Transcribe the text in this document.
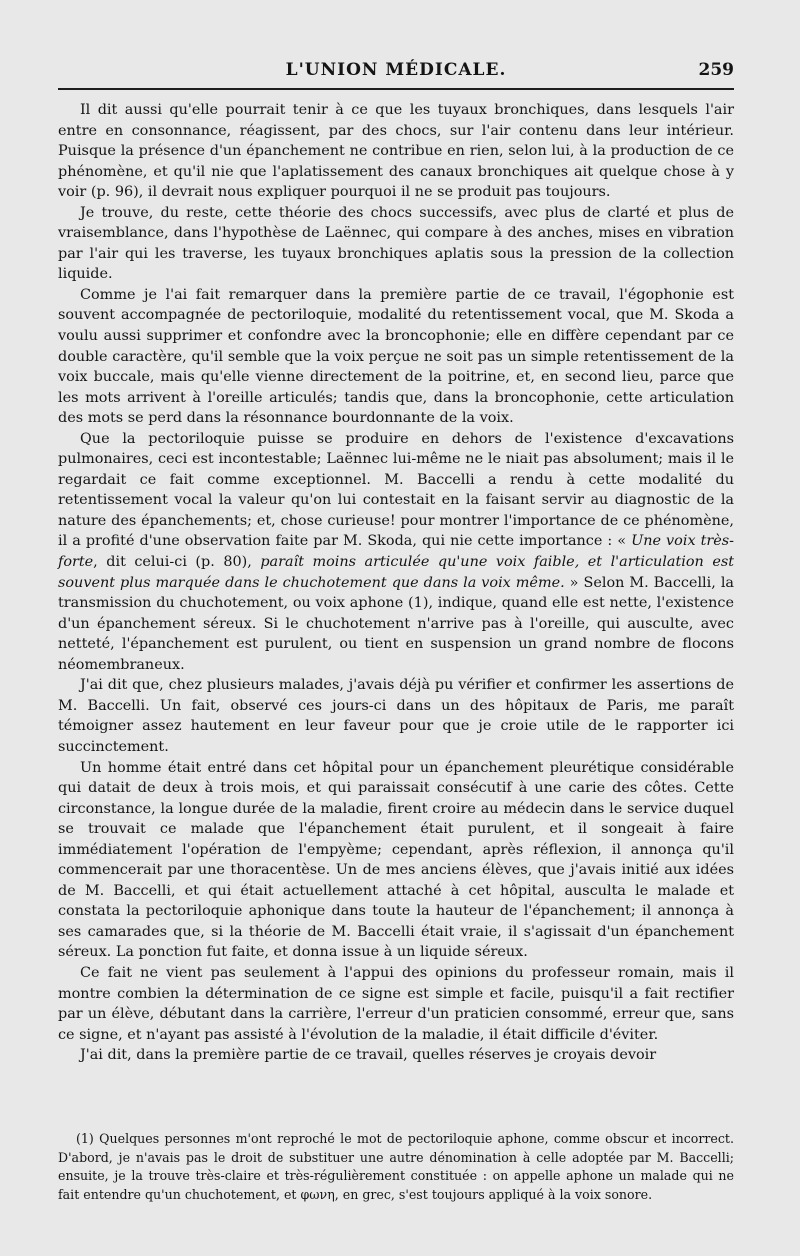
L'UNION MÉDICALE.	259

Il dit aussi qu'elle pourrait tenir à ce que les tuyaux bronchiques, dans lesquels l'air entre en consonnance, réagissent, par des chocs, sur l'air contenu dans leur intérieur. Puisque la présence d'un épanchement ne contribue en rien, selon lui, à la production de ce phénomène, et qu'il nie que l'aplatissement des canaux bronchiques ait quelque chose à y voir (p. 96), il devrait nous expliquer pourquoi il ne se produit pas toujours.

Je trouve, du reste, cette théorie des chocs successifs, avec plus de clarté et plus de vraisemblance, dans l'hypothèse de Laënnec, qui compare à des anches, mises en vibration par l'air qui les traverse, les tuyaux bronchiques aplatis sous la pression de la collection liquide.

Comme je l'ai fait remarquer dans la première partie de ce travail, l'égophonie est souvent accompagnée de pectoriloquie, modalité du retentissement vocal, que M. Skoda a voulu aussi supprimer et confondre avec la broncophonie; elle en diffère cependant par ce double caractère, qu'il semble que la voix perçue ne soit pas un simple retentissement de la voix buccale, mais qu'elle vienne directement de la poitrine, et, en second lieu, parce que les mots arrivent à l'oreille articulés; tandis que, dans la broncophonie, cette articulation des mots se perd dans la résonnance bourdonnante de la voix.

Que la pectoriloquie puisse se produire en dehors de l'existence d'excavations pulmonaires, ceci est incontestable; Laënnec lui-même ne le niait pas absolument; mais il le regardait ce fait comme exceptionnel. M. Baccelli a rendu à cette modalité du retentissement vocal la valeur qu'on lui contestait en la faisant servir au diagnostic de la nature des épanchements; et, chose curieuse! pour montrer l'importance de ce phénomène, il a profité d'une observation faite par M. Skoda, qui nie cette importance : « Une voix très-forte, dit celui-ci (p. 80), paraît moins articulée qu'une voix faible, et l'articulation est souvent plus marquée dans le chuchotement que dans la voix même. » Selon M. Baccelli, la transmission du chuchotement, ou voix aphone (1), indique, quand elle est nette, l'existence d'un épanchement séreux. Si le chuchotement n'arrive pas à l'oreille, qui ausculte, avec netteté, l'épanchement est purulent, ou tient en suspension un grand nombre de flocons néomembraneux.

J'ai dit que, chez plusieurs malades, j'avais déjà pu vérifier et confirmer les assertions de M. Baccelli. Un fait, observé ces jours-ci dans un des hôpitaux de Paris, me paraît témoigner assez hautement en leur faveur pour que je croie utile de le rapporter ici succinctement.

Un homme était entré dans cet hôpital pour un épanchement pleurétique considérable qui datait de deux à trois mois, et qui paraissait consécutif à une carie des côtes. Cette circonstance, la longue durée de la maladie, firent croire au médecin dans le service duquel se trouvait ce malade que l'épanchement était purulent, et il songeait à faire immédiatement l'opération de l'empyème; cependant, après réflexion, il annonça qu'il commencerait par une thoracentèse. Un de mes anciens élèves, que j'avais initié aux idées de M. Baccelli, et qui était actuellement attaché à cet hôpital, ausculta le malade et constata la pectoriloquie aphonique dans toute la hauteur de l'épanchement; il annonça à ses camarades que, si la théorie de M. Baccelli était vraie, il s'agissait d'un épanchement séreux. La ponction fut faite, et donna issue à un liquide séreux.

Ce fait ne vient pas seulement à l'appui des opinions du professeur romain, mais il montre combien la détermination de ce signe est simple et facile, puisqu'il a fait rectifier par un élève, débutant dans la carrière, l'erreur d'un praticien consommé, erreur que, sans ce signe, et n'ayant pas assisté à l'évolution de la maladie, il était difficile d'éviter.

J'ai dit, dans la première partie de ce travail, quelles réserves je croyais devoir

(1) Quelques personnes m'ont reproché le mot de pectoriloquie aphone, comme obscur et incorrect. D'abord, je n'avais pas le droit de substituer une autre dénomination à celle adoptée par M. Baccelli; ensuite, je la trouve très-claire et très-régulièrement constituée : on appelle aphone un malade qui ne fait entendre qu'un chuchotement, et φωνη, en grec, s'est toujours appliqué à la voix sonore.
